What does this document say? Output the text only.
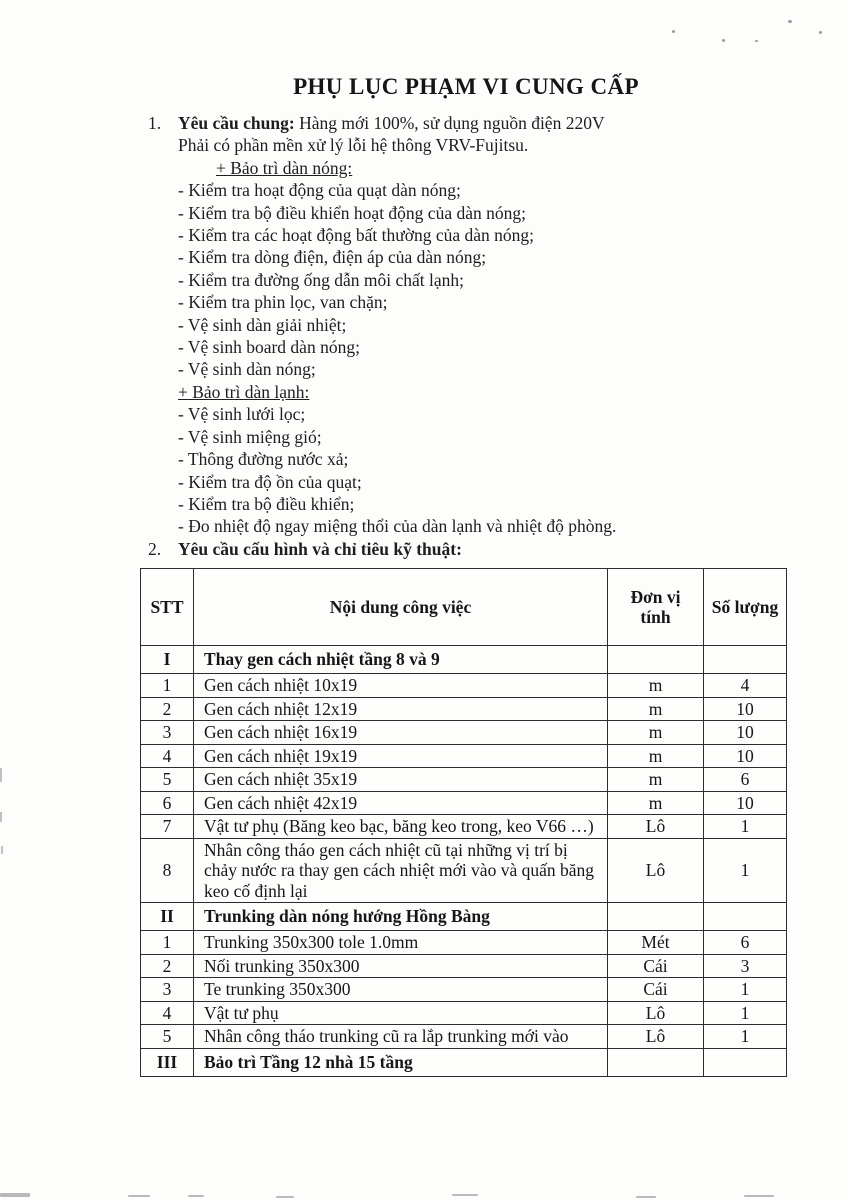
PHỤ LỤC PHẠM VI CUNG CẤP
1. Yêu cầu chung: Hàng mới 100%, sử dụng nguồn điện 220V

Phải có phần mền xử lý lỗi hệ thông VRV-Fujitsu.

+ Bảo trì dàn nóng:

- Kiểm tra hoạt động của quạt dàn nóng;

- Kiểm tra bộ điều khiển hoạt động của dàn nóng;

- Kiểm tra các hoạt động bất thường của dàn nóng;

- Kiểm tra dòng điện, điện áp của dàn nóng;

- Kiểm tra đường ống dẫn môi chất lạnh;

- Kiểm tra phin lọc, van chặn;

- Vệ sinh dàn giải nhiệt;

- Vệ sinh board dàn nóng;

- Vệ sinh dàn nóng;

+ Bảo trì dàn lạnh:

- Vệ sinh lưới lọc;

- Vệ sinh miệng gió;

- Thông đường nước xả;

- Kiểm tra độ ồn của quạt;

- Kiểm tra bộ điều khiển;

- Đo nhiệt độ ngay miệng thổi của dàn lạnh và nhiệt độ phòng.

2. Yêu cầu cấu hình và chỉ tiêu kỹ thuật:

STT	Nội dung công việc	Đơn vị tính	Số lượng
I	Thay gen cách nhiệt tầng 8 và 9		
1	Gen cách nhiệt 10x19	m	4
2	Gen cách nhiệt 12x19	m	10
3	Gen cách nhiệt 16x19	m	10
4	Gen cách nhiệt 19x19	m	10
5	Gen cách nhiệt 35x19	m	6
6	Gen cách nhiệt 42x19	m	10
7	Vật tư phụ (Băng keo bạc, băng keo trong, keo V66 …)	Lô	1
8	Nhân công tháo gen cách nhiệt cũ tại những vị trí bị chảy nước ra thay gen cách nhiệt mới vào và quấn băng keo cố định lại	Lô	1
II	Trunking dàn nóng hướng Hồng Bàng		
1	Trunking 350x300 tole 1.0mm	Mét	6
2	Nối trunking 350x300	Cái	3
3	Te trunking 350x300	Cái	1
4	Vật tư phụ	Lô	1
5	Nhân công tháo trunking cũ ra lắp trunking mới vào	Lô	1
III	Bảo trì Tầng 12 nhà 15 tầng		
